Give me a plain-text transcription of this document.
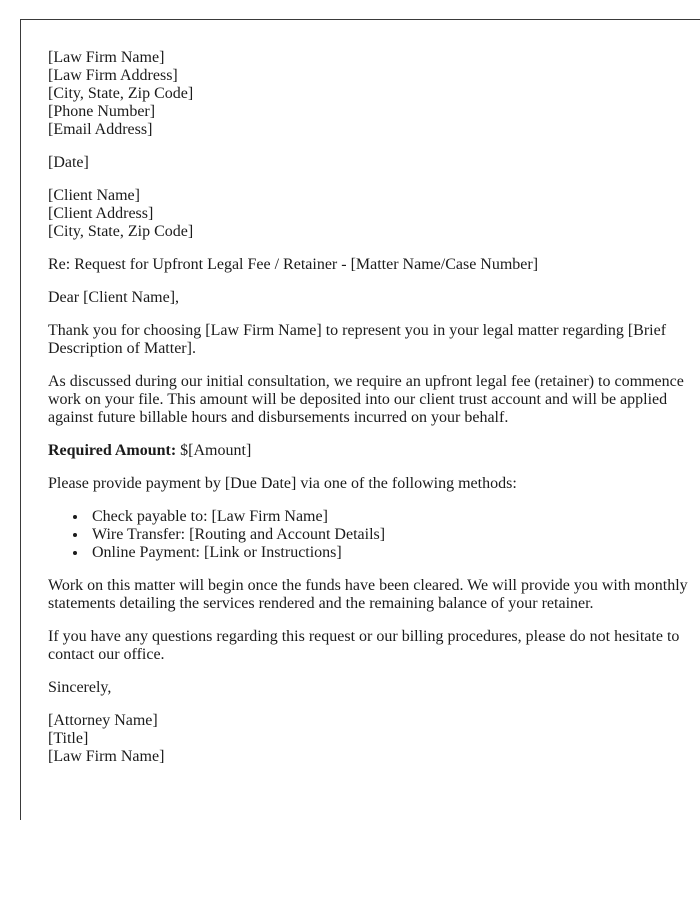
[Law Firm Name]
[Law Firm Address]
[City, State, Zip Code]
[Phone Number]
[Email Address]

[Date]

[Client Name]
[Client Address]
[City, State, Zip Code]

Re: Request for Upfront Legal Fee / Retainer - [Matter Name/Case Number]

Dear [Client Name],

Thank you for choosing [Law Firm Name] to represent you in your legal matter regarding [Brief Description of Matter].

As discussed during our initial consultation, we require an upfront legal fee (retainer) to commence work on your file. This amount will be deposited into our client trust account and will be applied against future billable hours and disbursements incurred on your behalf.

Required Amount: $[Amount]

Please provide payment by [Due Date] via one of the following methods:

• Check payable to: [Law Firm Name]
• Wire Transfer: [Routing and Account Details]
• Online Payment: [Link or Instructions]

Work on this matter will begin once the funds have been cleared. We will provide you with monthly statements detailing the services rendered and the remaining balance of your retainer.

If you have any questions regarding this request or our billing procedures, please do not hesitate to contact our office.

Sincerely,

[Attorney Name]
[Title]
[Law Firm Name]
